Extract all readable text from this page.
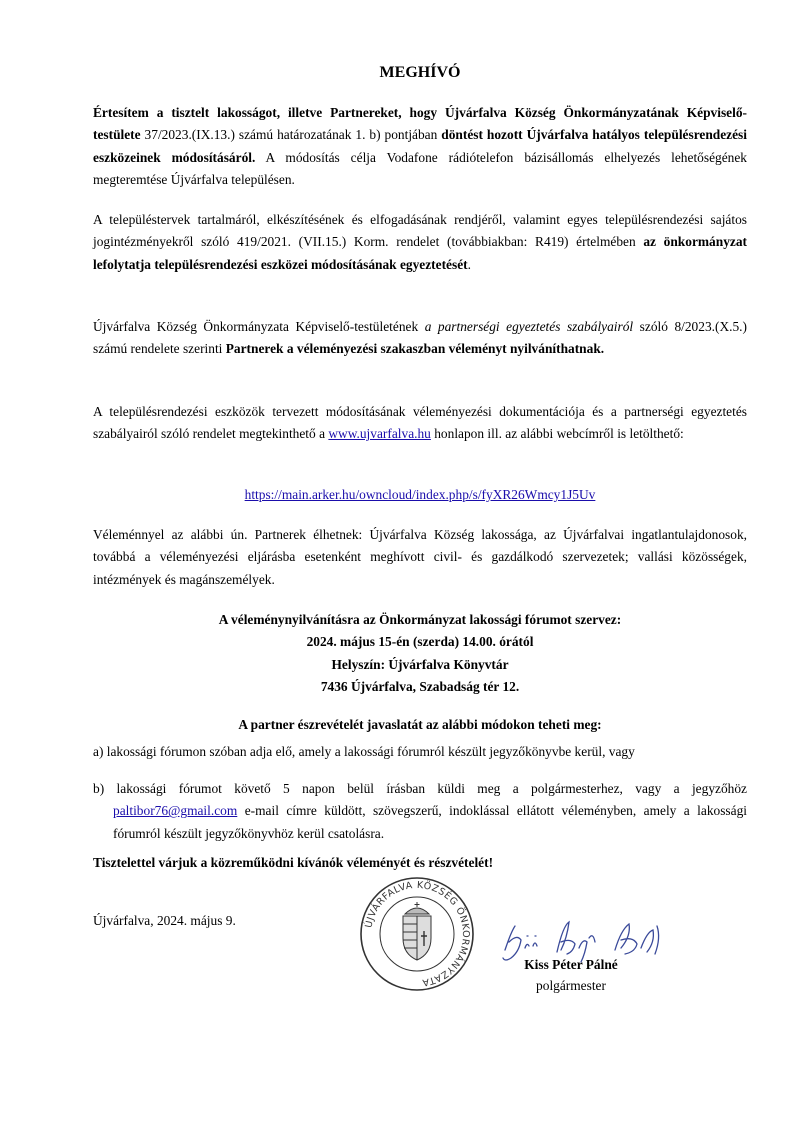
MEGHÍVÓ
Értesítem a tisztelt lakosságot, illetve Partnereket, hogy Újvárfalva Község Önkormányzatának Képviselő-testülete 37/2023.(IX.13.) számú határozatának 1. b) pontjában döntést hozott Újvárfalva hatályos településrendezési eszközeinek módosításáról. A módosítás célja Vodafone rádiótelefon bázisállomás elhelyezés lehetőségének megteremtése Újvárfalva településen.
A településtervek tartalmáról, elkészítésének és elfogadásának rendjéről, valamint egyes településrendezési sajátos jogintézményekről szóló 419/2021. (VII.15.) Korm. rendelet (továbbiakban: R419) értelmében az önkormányzat lefolytatja településrendezési eszközei módosításának egyeztetését.
Újvárfalva Község Önkormányzata Képviselő-testületének a partnerségi egyeztetés szabályairól szóló 8/2023.(X.5.) számú rendelete szerinti Partnerek a véleményezési szakaszban véleményt nyilváníthatnak.
A településrendezési eszközök tervezett módosításának véleményezési dokumentációja és a partnerségi egyeztetés szabályairól szóló rendelet megtekinthető a www.ujvarfalva.hu honlapon ill. az alábbi webcímről is letölthető:
https://main.arker.hu/owncloud/index.php/s/fyXR26Wmcy1J5Uv
Véleménnyel az alábbi ún. Partnerek élhetnek: Újvárfalva Község lakossága, az Újvárfalvai ingatlantulajdonosok, továbbá a véleményezési eljárásba esetenként meghívott civil- és gazdálkodó szervezetek; vallási közösségek, intézmények és magánszemélyek.
A véleménynyilvánításra az Önkormányzat lakossági fórumot szervez:
2024. május 15-én (szerda) 14.00. órától
Helyszín: Újvárfalva Könyvtár
7436 Újvárfalva, Szabadság tér 12.
A partner észrevételét javaslatát az alábbi módokon teheti meg:
a) lakossági fórumon szóban adja elő, amely a lakossági fórumról készült jegyzőkönyvbe kerül, vagy
b) lakossági fórumot követő 5 napon belül írásban küldi meg a polgármesterhez, vagy a jegyzőhöz paltibor76@gmail.com e-mail címre küldött, szövegszerű, indoklással ellátott véleményben, amely a lakossági fórumról készült jegyzőkönyvhöz kerül csatolásra.
Tisztelettel várjuk a közreműködni kívánók véleményét és részvételét!
Újvárfalva, 2024. május 9.	ÚJVÁRFALVA KÖZSÉG ÖNKORMÁNYZATA
Kiss Péter Pálné
polgármester
